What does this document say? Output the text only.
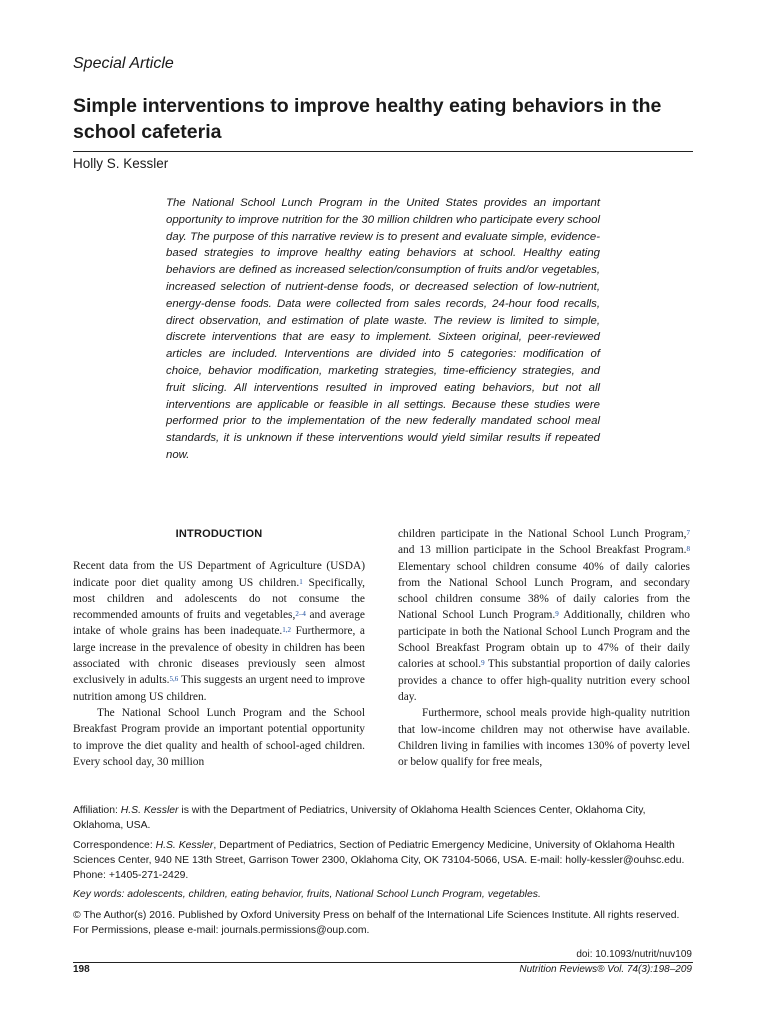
Special Article
Simple interventions to improve healthy eating behaviors in the school cafeteria
Holly S. Kessler

The National School Lunch Program in the United States provides an important opportunity to improve nutrition for the 30 million children who participate every school day. The purpose of this narrative review is to present and evaluate simple, evidence-based strategies to improve healthy eating behaviors at school. Healthy eating behaviors are defined as increased selection/consumption of fruits and/or vegetables, increased selection of nutrient-dense foods, or decreased selection of low-nutrient, energy-dense foods. Data were collected from sales records, 24-hour food recalls, direct observation, and estimation of plate waste. The review is limited to simple, discrete interventions that are easy to implement. Sixteen original, peer-reviewed articles are included. Interventions are divided into 5 categories: modification of choice, behavior modification, marketing strategies, time-efficiency strategies, and fruit slicing. All interventions resulted in improved eating behaviors, but not all interventions are applicable or feasible in all settings. Because these studies were performed prior to the implementation of the new federally mandated school meal standards, it is unknown if these interventions would yield similar results if repeated now.

INTRODUCTION

Recent data from the US Department of Agriculture (USDA) indicate poor diet quality among US children.$^1$ Specifically, most children and adolescents do not consume the recommended amounts of fruits and vegetables,$^{2-4}$ and average intake of whole grains has been inadequate.$^{1,2}$ Furthermore, a large increase in the prevalence of obesity in children has been associated with chronic diseases previously seen almost exclusively in adults.$^{5,6}$ This suggests an urgent need to improve nutrition among US children.

The National School Lunch Program and the School Breakfast Program provide an important potential opportunity to improve the diet quality and health of school-aged children. Every school day, 30 million

children participate in the National School Lunch Program,$^7$ and 13 million participate in the School Breakfast Program.$^8$ Elementary school children consume 40% of daily calories from the National School Lunch Program, and secondary school children consume 38% of daily calories from the National School Lunch Program.$^9$ Additionally, children who participate in both the National School Lunch Program and the School Breakfast Program obtain up to 47% of their daily calories at school.$^9$ This substantial proportion of daily calories provides a chance to offer high-quality nutrition every school day.

Furthermore, school meals provide high-quality nutrition that low-income children may not otherwise have available. Children living in families with incomes 130% of poverty level or below qualify for free meals,

Affiliation: H.S. Kessler is with the Department of Pediatrics, University of Oklahoma Health Sciences Center, Oklahoma City, Oklahoma, USA.

Correspondence: H.S. Kessler, Department of Pediatrics, Section of Pediatric Emergency Medicine, University of Oklahoma Health Sciences Center, 940 NE 13th Street, Garrison Tower 2300, Oklahoma City, OK 73104-5066, USA. E-mail: holly-kessler@ouhsc.edu. Phone: +1405-271-2429.

Key words: adolescents, children, eating behavior, fruits, National School Lunch Program, vegetables.

© The Author(s) 2016. Published by Oxford University Press on behalf of the International Life Sciences Institute. All rights reserved.
For Permissions, please e-mail: journals.permissions@oup.com.
doi: 10.1093/nutrit/nuv109
198	Nutrition Reviews® Vol. 74(3):198–209
